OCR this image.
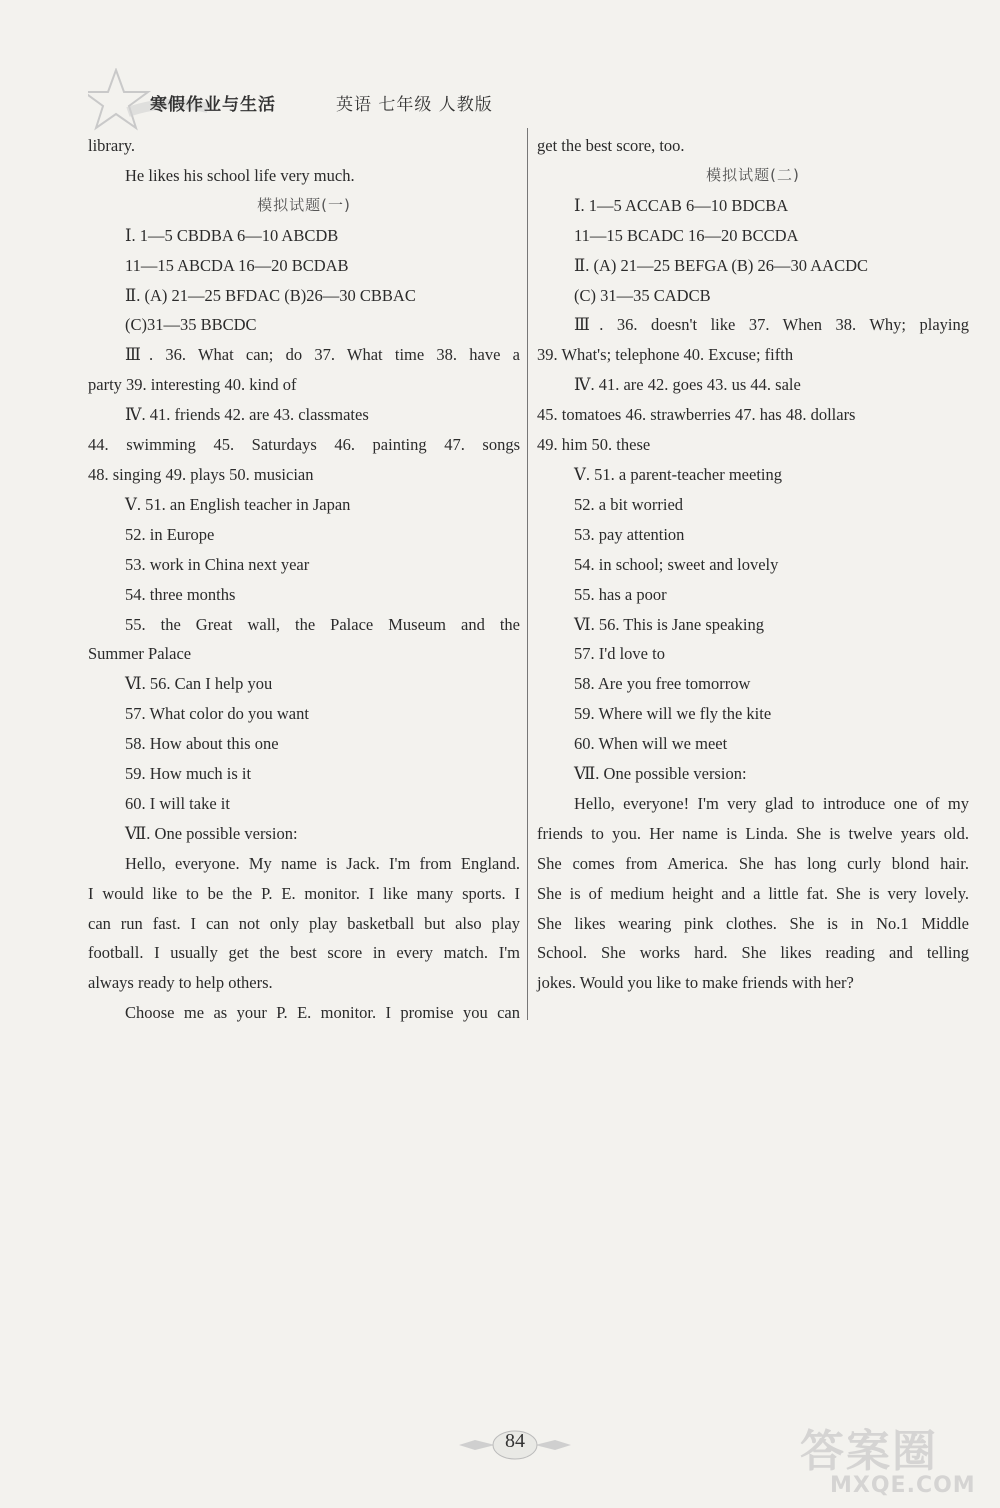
寒假作业与生活	英语 七年级 人教版
library.
He likes his school life very much.
模拟试题(一)
Ⅰ. 1—5 CBDBA 6—10 ABCDB
11—15 ABCDA 16—20 BCDAB
Ⅱ. (A) 21—25 BFDAC (B)26—30 CBBAC
(C)31—35 BBCDC
Ⅲ. 36. What can; do 37. What time 38. have a
party 39. interesting 40. kind of
Ⅳ. 41. friends 42. are 43. classmates
44. swimming 45. Saturdays 46. painting 47. songs
48. singing 49. plays 50. musician
Ⅴ. 51. an English teacher in Japan
52. in Europe
53. work in China next year
54. three months
55. the Great wall, the Palace Museum and the
Summer Palace
Ⅵ. 56. Can I help you
57. What color do you want
58. How about this one
59. How much is it
60. I will take it
Ⅶ. One possible version:
Hello, everyone. My name is Jack. I'm from England.
I would like to be the P. E. monitor. I like many sports. I
can run fast. I can not only play basketball but also play
football. I usually get the best score in every match. I'm
always ready to help others.
Choose me as your P. E. monitor. I promise you can
get the best score, too.
模拟试题(二)
Ⅰ. 1—5 ACCAB 6—10 BDCBA
11—15 BCADC 16—20 BCCDA
Ⅱ. (A) 21—25 BEFGA (B) 26—30 AACDC
(C) 31—35 CADCB
Ⅲ. 36. doesn't like 37. When 38. Why; playing
39. What's; telephone 40. Excuse; fifth
Ⅳ. 41. are 42. goes 43. us 44. sale
45. tomatoes 46. strawberries 47. has 48. dollars
49. him 50. these
Ⅴ. 51. a parent-teacher meeting
52. a bit worried
53. pay attention
54. in school; sweet and lovely
55. has a poor
Ⅵ. 56. This is Jane speaking
57. I'd love to
58. Are you free tomorrow
59. Where will we fly the kite
60. When will we meet
Ⅶ. One possible version:
Hello, everyone! I'm very glad to introduce one of my
friends to you. Her name is Linda. She is twelve years old.
She comes from America. She has long curly blond hair.
She is of medium height and a little fat. She is very lovely.
She likes wearing pink clothes. She is in No.1 Middle
School. She works hard. She likes reading and telling
jokes. Would you like to make friends with her?
84	答案圈
MXQE.COM
